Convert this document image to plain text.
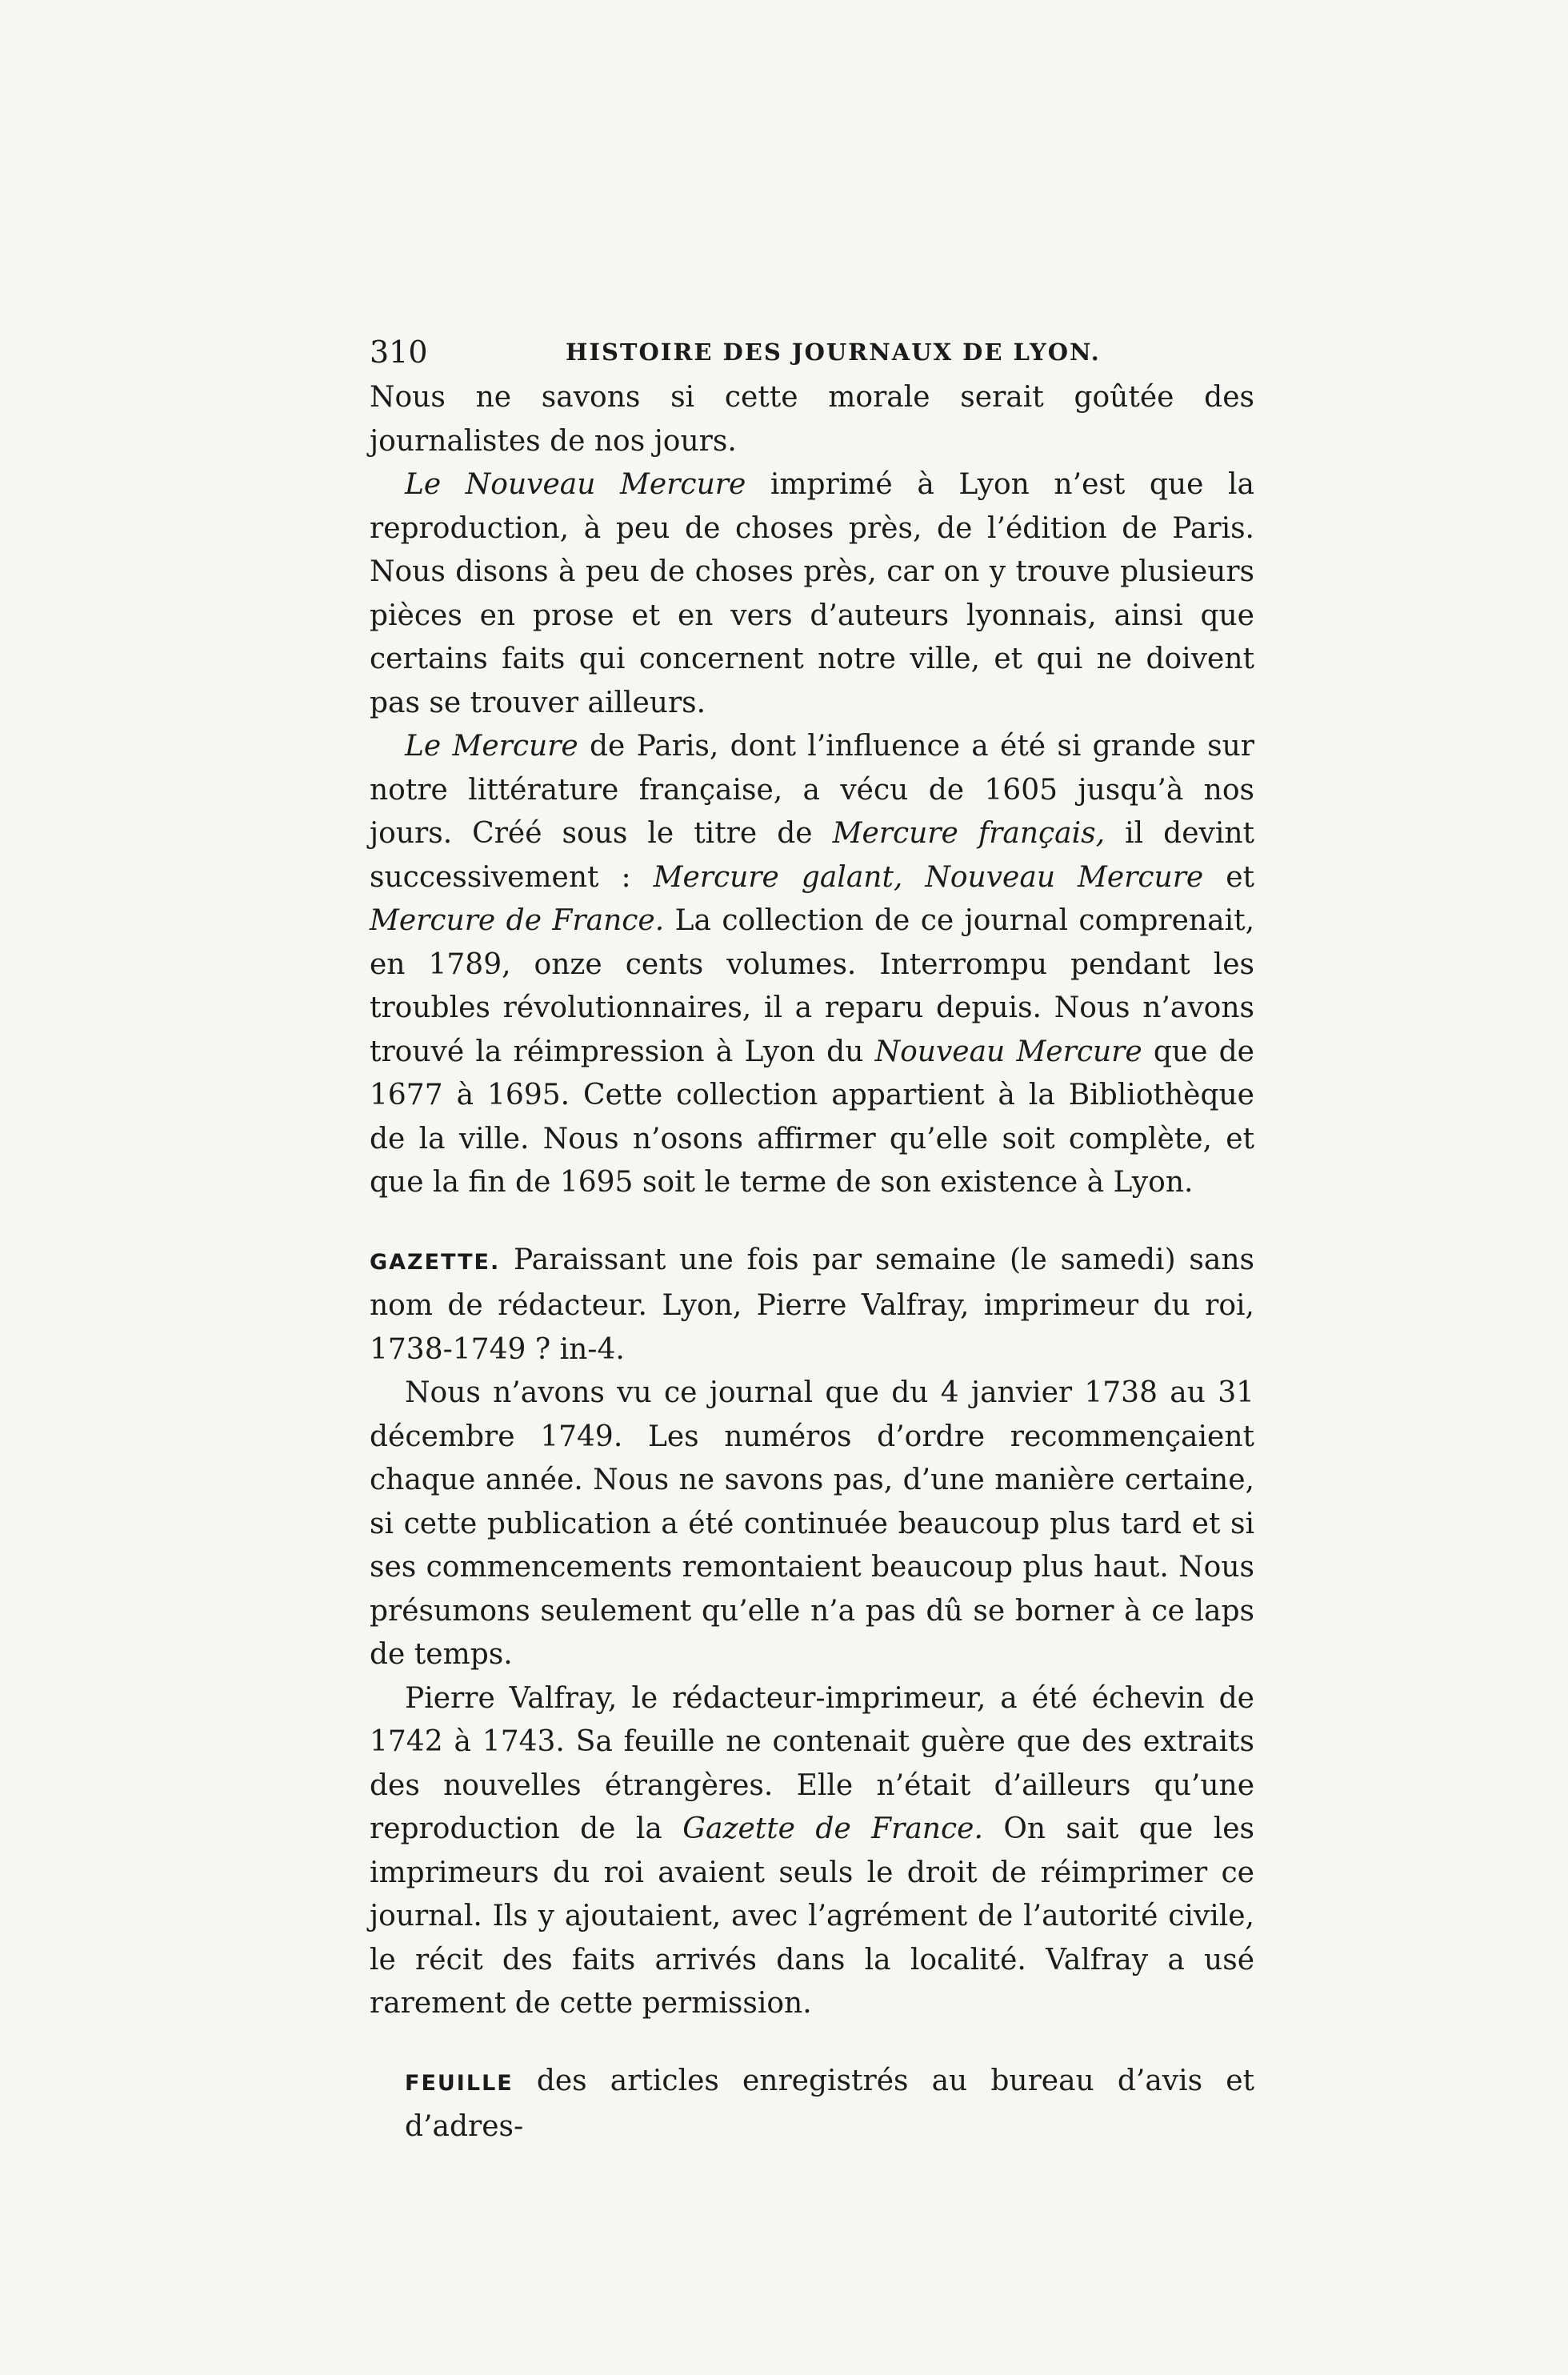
310	HISTOIRE DES JOURNAUX DE LYON.

Nous ne savons si cette morale serait goûtée des journalistes de nos jours.

Le Nouveau Mercure imprimé à Lyon n’est que la reproduction, à peu de choses près, de l’édition de Paris. Nous disons à peu de choses près, car on y trouve plusieurs pièces en prose et en vers d’auteurs lyonnais, ainsi que certains faits qui concernent notre ville, et qui ne doivent pas se trouver ailleurs.

Le Mercure de Paris, dont l’influence a été si grande sur notre littérature française, a vécu de 1605 jusqu’à nos jours. Créé sous le titre de Mercure français, il devint successivement : Mercure galant, Nouveau Mercure et Mercure de France. La collection de ce journal comprenait, en 1789, onze cents volumes. Interrompu pendant les troubles révolutionnaires, il a reparu depuis. Nous n’avons trouvé la réimpression à Lyon du Nouveau Mercure que de 1677 à 1695. Cette collection appartient à la Bibliothèque de la ville. Nous n’osons affirmer qu’elle soit complète, et que la fin de 1695 soit le terme de son existence à Lyon.

GAZETTE. Paraissant une fois par semaine (le samedi) sans nom de rédacteur. Lyon, Pierre Valfray, imprimeur du roi, 1738-1749 ? in-4.

Nous n’avons vu ce journal que du 4 janvier 1738 au 31 décembre 1749. Les numéros d’ordre recommençaient chaque année. Nous ne savons pas, d’une manière certaine, si cette publication a été continuée beaucoup plus tard et si ses commencements remontaient beaucoup plus haut. Nous présumons seulement qu’elle n’a pas dû se borner à ce laps de temps.

Pierre Valfray, le rédacteur-imprimeur, a été échevin de 1742 à 1743. Sa feuille ne contenait guère que des extraits des nouvelles étrangères. Elle n’était d’ailleurs qu’une reproduction de la Gazette de France. On sait que les imprimeurs du roi avaient seuls le droit de réimprimer ce journal. Ils y ajoutaient, avec l’agrément de l’autorité civile, le récit des faits arrivés dans la localité. Valfray a usé rarement de cette permission.

FEUILLE des articles enregistrés au bureau d’avis et d’adres-
